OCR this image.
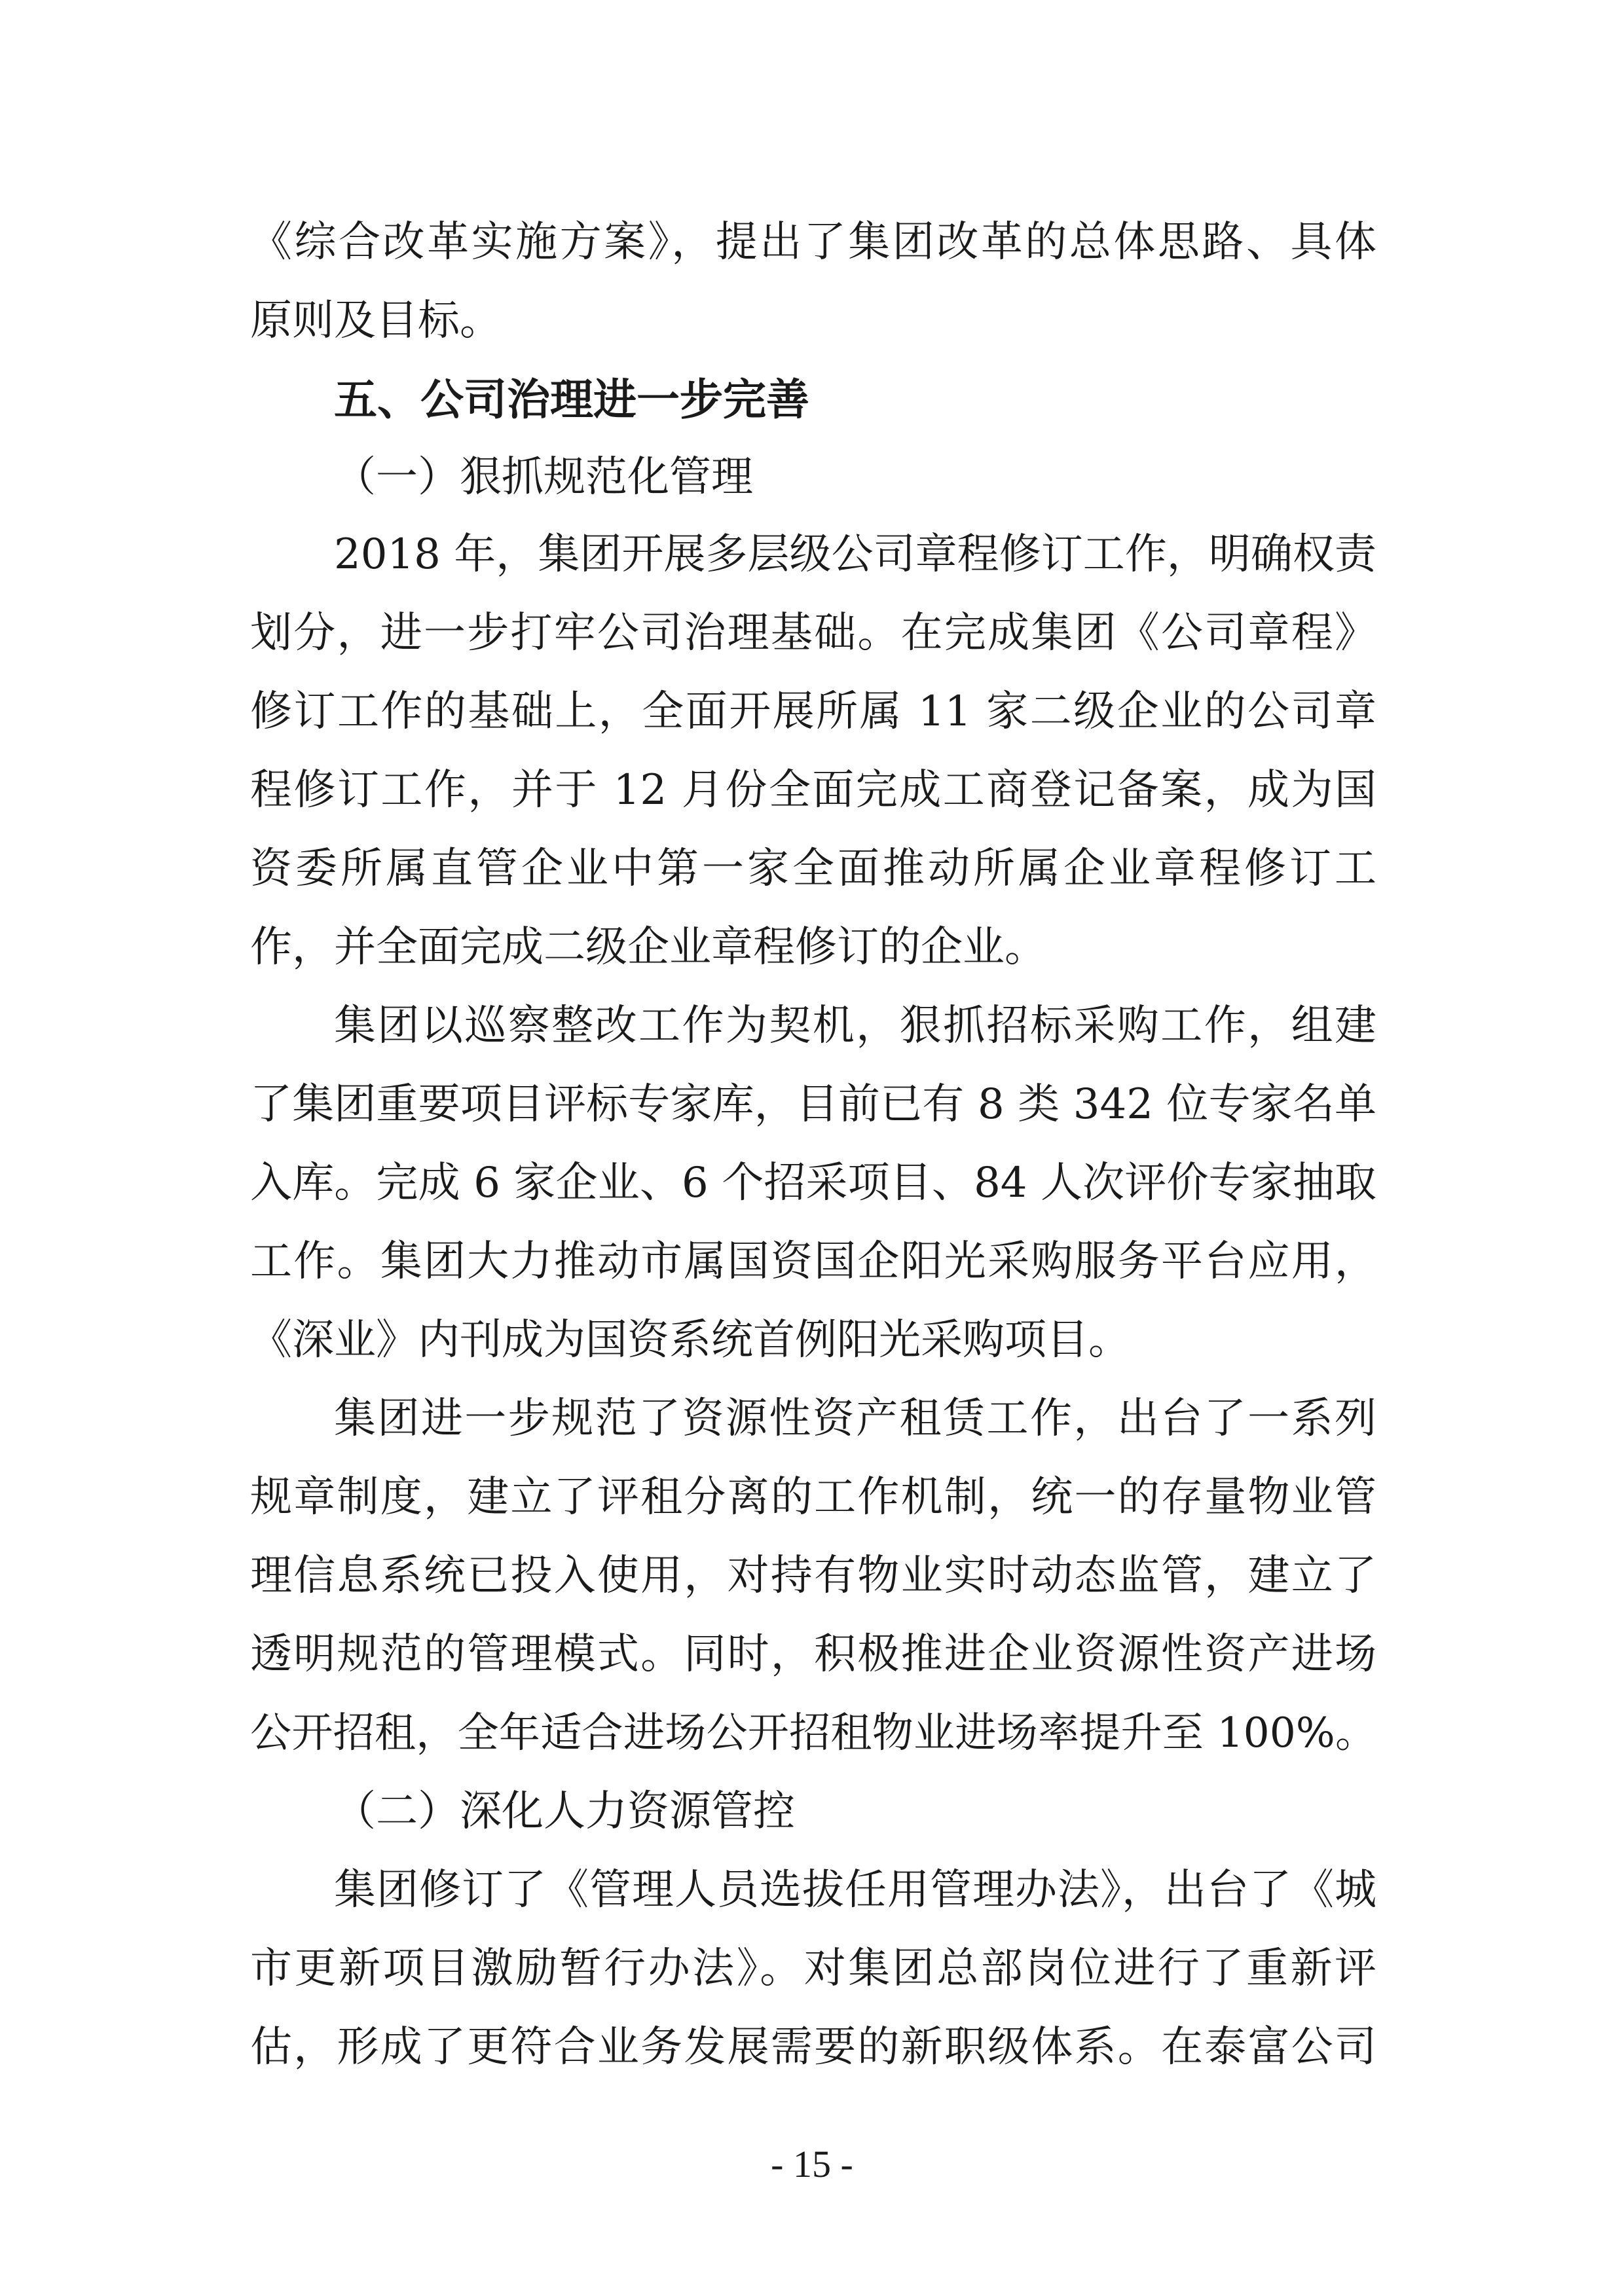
《综合改革实施方案》，提出了集团改革的总体思路、具体
原则及目标。
五、公司治理进一步完善
（一）狠抓规范化管理
2018 年，集团开展多层级公司章程修订工作，明确权责
划分，进一步打牢公司治理基础。在完成集团《公司章程》
修订工作的基础上，全面开展所属 11 家二级企业的公司章
程修订工作，并于 12 月份全面完成工商登记备案，成为国
资委所属直管企业中第一家全面推动所属企业章程修订工
作，并全面完成二级企业章程修订的企业。
集团以巡察整改工作为契机，狠抓招标采购工作，组建
了集团重要项目评标专家库，目前已有 8 类 342 位专家名单
入库。完成 6 家企业、6 个招采项目、84 人次评价专家抽取
工作。集团大力推动市属国资国企阳光采购服务平台应用，
《深业》内刊成为国资系统首例阳光采购项目。
集团进一步规范了资源性资产租赁工作，出台了一系列
规章制度，建立了评租分离的工作机制，统一的存量物业管
理信息系统已投入使用，对持有物业实时动态监管，建立了
透明规范的管理模式。同时，积极推进企业资源性资产进场
公开招租，全年适合进场公开招租物业进场率提升至 100%。
（二）深化人力资源管控
集团修订了《管理人员选拔任用管理办法》，出台了《城
市更新项目激励暂行办法》。对集团总部岗位进行了重新评
估，形成了更符合业务发展需要的新职级体系。在泰富公司
- 15 -
